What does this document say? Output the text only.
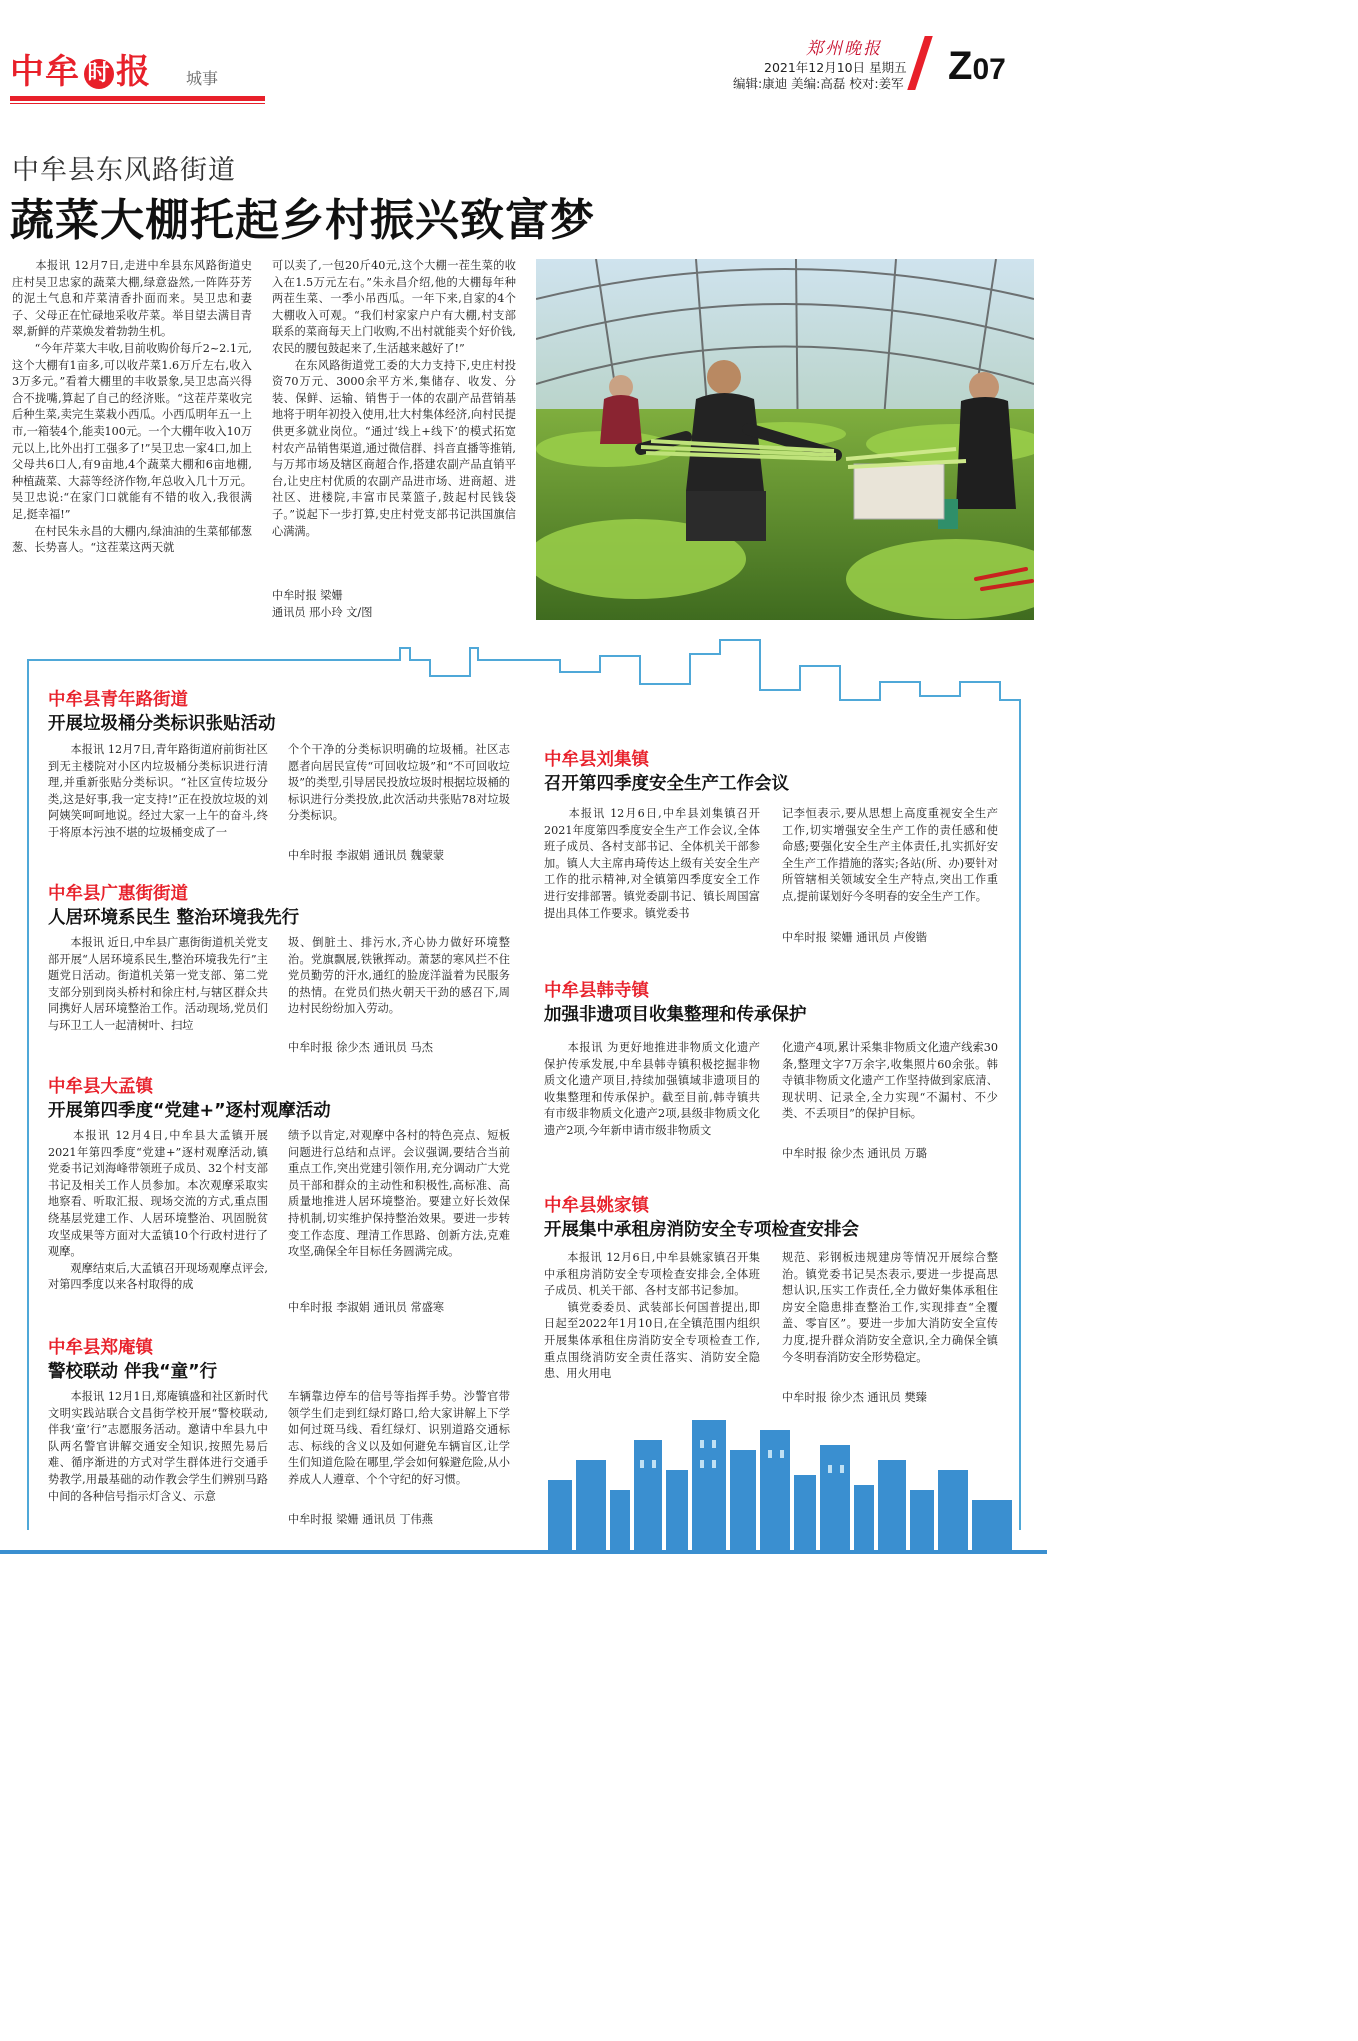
中牟 时 报 城事
郑州晚报
2021年12月10日 星期五
编辑:康迪 美编:高磊 校对:姜军 Z07
中牟县东风路街道
蔬菜大棚托起乡村振兴致富梦
　　本报讯 12月7日,走进中牟县东风路街道史庄村吴卫忠家的蔬菜大棚,绿意盎然,一阵阵芬芳的泥土气息和芹菜清香扑面而来。吴卫忠和妻子、父母正在忙碌地采收芹菜。举目望去满目青翠,新鲜的芹菜焕发着勃勃生机。
　　“今年芹菜大丰收,目前收购价每斤2~2.1元,这个大棚有1亩多,可以收芹菜1.6万斤左右,收入3万多元。”看着大棚里的丰收景象,吴卫忠高兴得合不拢嘴,算起了自己的经济账。“这茬芹菜收完后种生菜,卖完生菜栽小西瓜。小西瓜明年五一上市,一箱装4个,能卖100元。一个大棚年收入10万元以上,比外出打工强多了!”吴卫忠一家4口,加上父母共6口人,有9亩地,4个蔬菜大棚和6亩地棚,种植蔬菜、大蒜等经济作物,年总收入几十万元。吴卫忠说:“在家门口就能有不错的收入,我很满足,挺幸福!”
　　在村民朱永昌的大棚内,绿油油的生菜郁郁葱葱、长势喜人。“这茬菜这两天就
可以卖了,一包20斤40元,这个大棚一茬生菜的收入在1.5万元左右。”朱永昌介绍,他的大棚每年种两茬生菜、一季小吊西瓜。一年下来,自家的4个大棚收入可观。“我们村家家户户有大棚,村支部联系的菜商每天上门收购,不出村就能卖个好价钱,农民的腰包鼓起来了,生活越来越好了!”
　　在东风路街道党工委的大力支持下,史庄村投资70万元、3000余平方米,集储存、收发、分装、保鲜、运输、销售于一体的农副产品营销基地将于明年初投入使用,壮大村集体经济,向村民提供更多就业岗位。“通过‘线上+线下’的模式拓宽村农产品销售渠道,通过微信群、抖音直播等推销,与万邦市场及辖区商超合作,搭建农副产品直销平台,让史庄村优质的农副产品进市场、进商超、进社区、进楼院,丰富市民菜篮子,鼓起村民钱袋子。”说起下一步打算,史庄村党支部书记洪国旗信心满满。
中牟时报 梁姗
通讯员 邢小玲 文/图
中牟县青年路街道
开展垃圾桶分类标识张贴活动
　　本报讯 12月7日,青年路街道府前街社区到无主楼院对小区内垃圾桶分类标识进行清理,并重新张贴分类标识。“社区宣传垃圾分类,这是好事,我一定支持!”正在投放垃圾的刘阿姨笑呵呵地说。经过大家一上午的奋斗,终于将原本污浊不堪的垃圾桶变成了一
个个干净的分类标识明确的垃圾桶。社区志愿者向居民宣传“可回收垃圾”和“不可回收垃圾”的类型,引导居民投放垃圾时根据垃圾桶的标识进行分类投放,此次活动共张贴78对垃圾分类标识。
中牟时报 李淑娟 通讯员 魏蒙蒙
中牟县广惠街街道
人居环境系民生 整治环境我先行
　　本报讯 近日,中牟县广惠街街道机关党支部开展“人居环境系民生,整治环境我先行”主题党日活动。街道机关第一党支部、第二党支部分别到岗头桥村和徐庄村,与辖区群众共同携好人居环境整治工作。活动现场,党员们与环卫工人一起清树叶、扫垃
圾、倒脏土、排污水,齐心协力做好环境整治。党旗飘展,铁锹挥动。萧瑟的寒风拦不住党员勤劳的汗水,通红的脸庞洋溢着为民服务的热情。在党员们热火朝天干劲的感召下,周边村民纷纷加入劳动。
中牟时报 徐少杰 通讯员 马杰
中牟县大孟镇
开展第四季度“党建+”逐村观摩活动
　　本报讯 12月4日,中牟县大孟镇开展2021年第四季度“党建+”逐村观摩活动,镇党委书记刘海峰带领班子成员、32个村支部书记及相关工作人员参加。本次观摩采取实地察看、听取汇报、现场交流的方式,重点围绕基层党建工作、人居环境整治、巩固脱贫攻坚成果等方面对大孟镇10个行政村进行了观摩。
　　观摩结束后,大孟镇召开现场观摩点评会,对第四季度以来各村取得的成
绩予以肯定,对观摩中各村的特色亮点、短板问题进行总结和点评。会议强调,要结合当前重点工作,突出党建引领作用,充分调动广大党员干部和群众的主动性和积极性,高标准、高质量地推进人居环境整治。要建立好长效保持机制,切实维护保持整治效果。要进一步转变工作态度、理清工作思路、创新方法,克难攻坚,确保全年目标任务圆满完成。
中牟时报 李淑娟 通讯员 常盛寒
中牟县郑庵镇
警校联动 伴我“童”行
　　本报讯 12月1日,郑庵镇盛和社区新时代文明实践站联合文昌街学校开展“警校联动,伴我‘童’行”志愿服务活动。邀请中牟县九中队两名警官讲解交通安全知识,按照先易后难、循序渐进的方式对学生群体进行交通手势教学,用最基础的动作教会学生们辨别马路中间的各种信号指示灯含义、示意
车辆靠边停车的信号等指挥手势。沙警官带领学生们走到红绿灯路口,给大家讲解上下学如何过斑马线、看红绿灯、识别道路交通标志、标线的含义以及如何避免车辆盲区,让学生们知道危险在哪里,学会如何躲避危险,从小养成人人遵章、个个守纪的好习惯。
中牟时报 梁姗 通讯员 丁伟燕
中牟县刘集镇
召开第四季度安全生产工作会议
　　本报讯 12月6日,中牟县刘集镇召开2021年度第四季度安全生产工作会议,全体班子成员、各村支部书记、全体机关干部参加。镇人大主席冉琦传达上级有关安全生产工作的批示精神,对全镇第四季度安全工作进行安排部署。镇党委副书记、镇长周国富提出具体工作要求。镇党委书
记李恒表示,要从思想上高度重视安全生产工作,切实增强安全生产工作的责任感和使命感;要强化安全生产主体责任,扎实抓好安全生产工作措施的落实;各站(所、办)要针对所管辖相关领域安全生产特点,突出工作重点,提前谋划好今冬明春的安全生产工作。
中牟时报 梁姗 通讯员 卢俊锴
中牟县韩寺镇
加强非遗项目收集整理和传承保护
　　本报讯 为更好地推进非物质文化遗产保护传承发展,中牟县韩寺镇积极挖掘非物质文化遗产项目,持续加强镇域非遗项目的收集整理和传承保护。截至目前,韩寺镇共有市级非物质文化遗产2项,县级非物质文化遗产2项,今年新申请市级非物质文
化遗产4项,累计采集非物质文化遗产线索30条,整理文字7万余字,收集照片60余张。韩寺镇非物质文化遗产工作坚持做到家底清、现状明、记录全,全力实现“不漏村、不少类、不丢项目”的保护目标。
中牟时报 徐少杰 通讯员 万璐
中牟县姚家镇
开展集中承租房消防安全专项检查安排会
　　本报讯 12月6日,中牟县姚家镇召开集中承租房消防安全专项检查安排会,全体班子成员、机关干部、各村支部书记参加。
　　镇党委委员、武装部长何国普提出,即日起至2022年1月10日,在全镇范围内组织开展集体承租住房消防安全专项检查工作,重点围绕消防安全责任落实、消防安全隐患、用火用电
规范、彩钢板违规建房等情况开展综合整治。镇党委书记吴杰表示,要进一步提高思想认识,压实工作责任,全力做好集体承租住房安全隐患排查整治工作,实现排查“全覆盖、零盲区”。要进一步加大消防安全宣传力度,提升群众消防安全意识,全力确保全镇今冬明春消防安全形势稳定。
中牟时报 徐少杰 通讯员 樊臻
